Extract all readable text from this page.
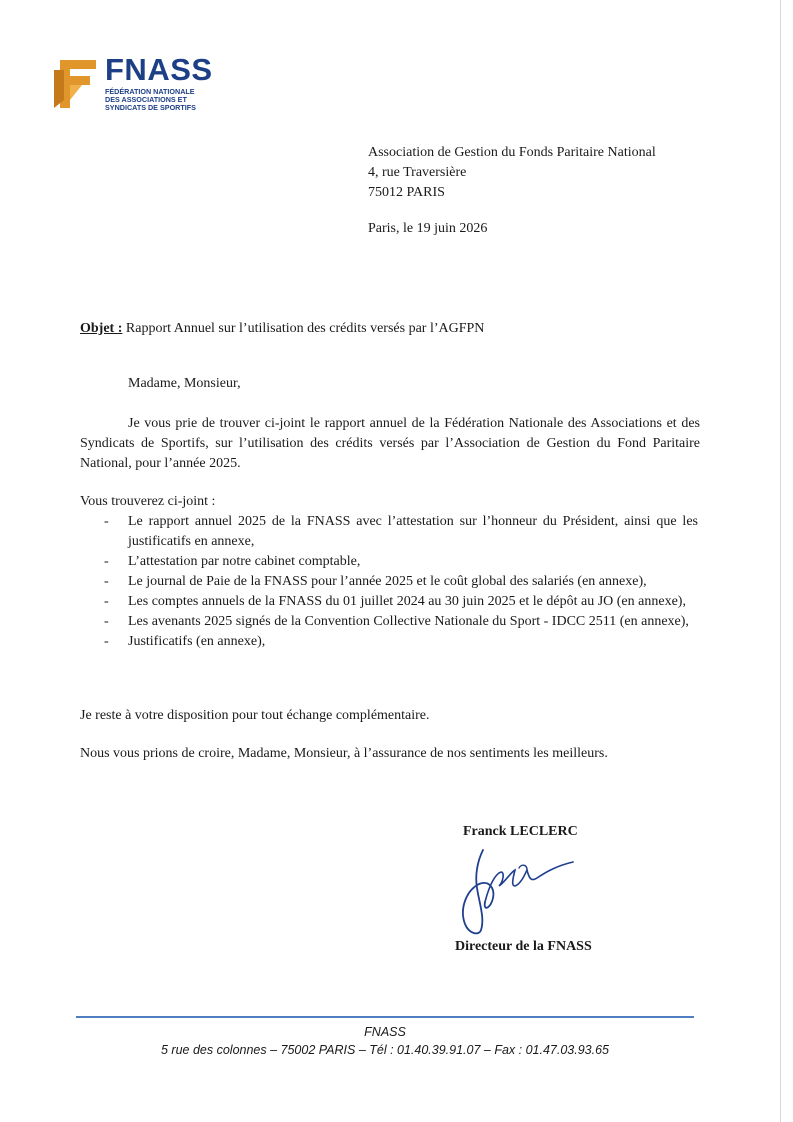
FNASS
FÉDÉRATION NATIONALE
DES ASSOCIATIONS ET
SYNDICATS DE SPORTIFS
Association de Gestion du Fonds Paritaire National
4, rue Traversière
75012 PARIS
Paris, le 19 juin 2026
Objet : Rapport Annuel sur l’utilisation des crédits versés par l’AGFPN
Madame, Monsieur,
Je vous prie de trouver ci-joint le rapport annuel de la Fédération Nationale des Associations et des Syndicats de Sportifs, sur l’utilisation des crédits versés par l’Association de Gestion du Fond Paritaire National, pour l’année 2025.
Vous trouverez ci-joint :
- Le rapport annuel 2025 de la FNASS avec l’attestation sur l’honneur du Président, ainsi que les justificatifs en annexe,
- L’attestation par notre cabinet comptable,
- Le journal de Paie de la FNASS pour l’année 2025 et le coût global des salariés (en annexe),
- Les comptes annuels de la FNASS du 01 juillet 2024 au 30 juin 2025 et le dépôt au JO (en annexe),
- Les avenants 2025 signés de la Convention Collective Nationale du Sport - IDCC 2511 (en annexe),
- Justificatifs (en annexe),
Je reste à votre disposition pour tout échange complémentaire.
Nous vous prions de croire, Madame, Monsieur, à l’assurance de nos sentiments les meilleurs.
Franck LECLERC
Directeur de la FNASS
FNASS
5 rue des colonnes – 75002 PARIS – Tél : 01.40.39.91.07 – Fax : 01.47.03.93.65
